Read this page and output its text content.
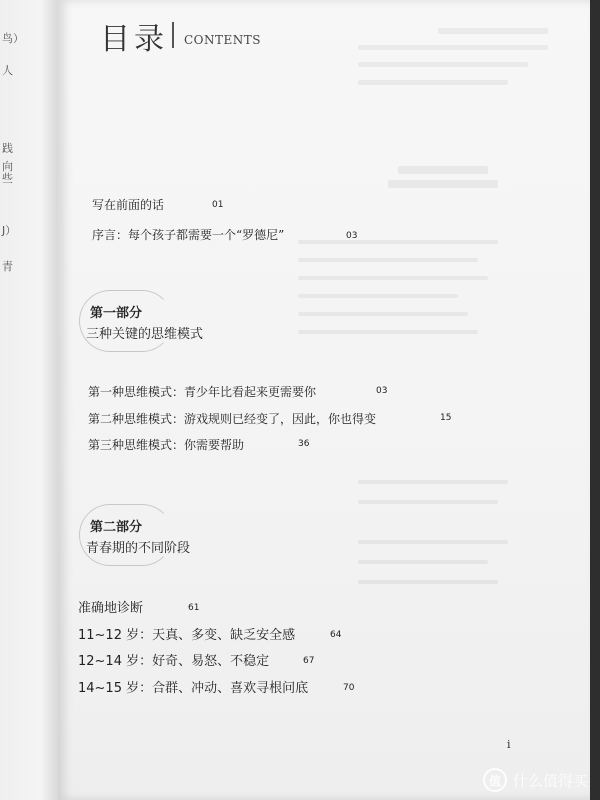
鸟）
人
践
向
些
J）
青
目录 CONTENTS
写在前面的话	01
序言：每个孩子都需要一个“罗德尼”	03
第一部分
三种关键的思维模式
第一种思维模式：青少年比看起来更需要你	03
第二种思维模式：游戏规则已经变了，因此，你也得变	15
第三种思维模式：你需要帮助	36
第二部分
青春期的不同阶段
准确地诊断	61
11~12 岁：天真、多变、缺乏安全感	64
12~14 岁：好奇、易怒、不稳定	67
14~15 岁：合群、冲动、喜欢寻根问底	70
i
值 什么值得买
